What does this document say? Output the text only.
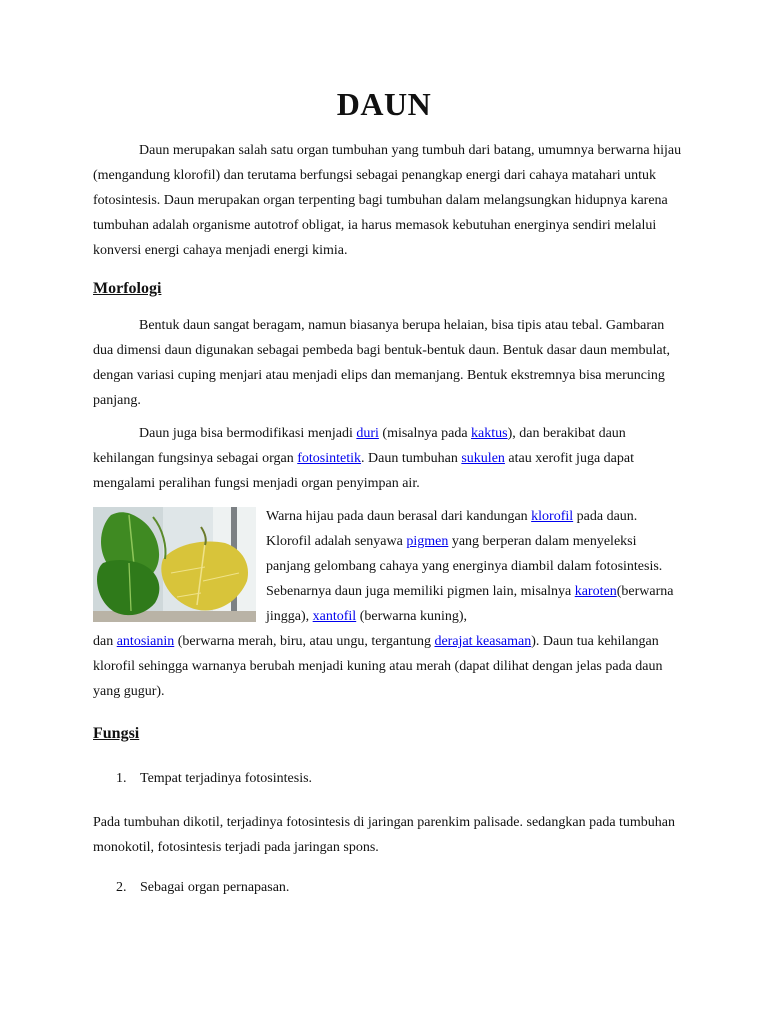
DAUN

Daun merupakan salah satu organ tumbuhan yang tumbuh dari batang, umumnya berwarna hijau (mengandung klorofil) dan terutama berfungsi sebagai penangkap energi dari cahaya matahari untuk fotosintesis. Daun merupakan organ terpenting bagi tumbuhan dalam melangsungkan hidupnya karena tumbuhan adalah organisme autotrof obligat, ia harus memasok kebutuhan energinya sendiri melalui konversi energi cahaya menjadi energi kimia.

Morfologi

Bentuk daun sangat beragam, namun biasanya berupa helaian, bisa tipis atau tebal. Gambaran dua dimensi daun digunakan sebagai pembeda bagi bentuk-bentuk daun. Bentuk dasar daun membulat, dengan variasi cuping menjari atau menjadi elips dan memanjang. Bentuk ekstremnya bisa meruncing panjang.

Daun juga bisa bermodifikasi menjadi duri (misalnya pada kaktus), dan berakibat daun kehilangan fungsinya sebagai organ fotosintetik. Daun tumbuhan sukulen atau xerofit juga dapat mengalami peralihan fungsi menjadi organ penyimpan air.

Warna hijau pada daun berasal dari kandungan klorofil pada daun. Klorofil adalah senyawa pigmen yang berperan dalam menyeleksi panjang gelombang cahaya yang energinya diambil dalam fotosintesis. Sebenarnya daun juga memiliki pigmen lain, misalnya karoten(berwarna jingga), xantofil (berwarna kuning),
dan antosianin (berwarna merah, biru, atau ungu, tergantung derajat keasaman). Daun tua kehilangan klorofil sehingga warnanya berubah menjadi kuning atau merah (dapat dilihat dengan jelas pada daun yang gugur).

Fungsi
1. Tempat terjadinya fotosintesis.

Pada tumbuhan dikotil, terjadinya fotosintesis di jaringan parenkim palisade. sedangkan pada tumbuhan monokotil, fotosintesis terjadi pada jaringan spons.

2. Sebagai organ pernapasan.
